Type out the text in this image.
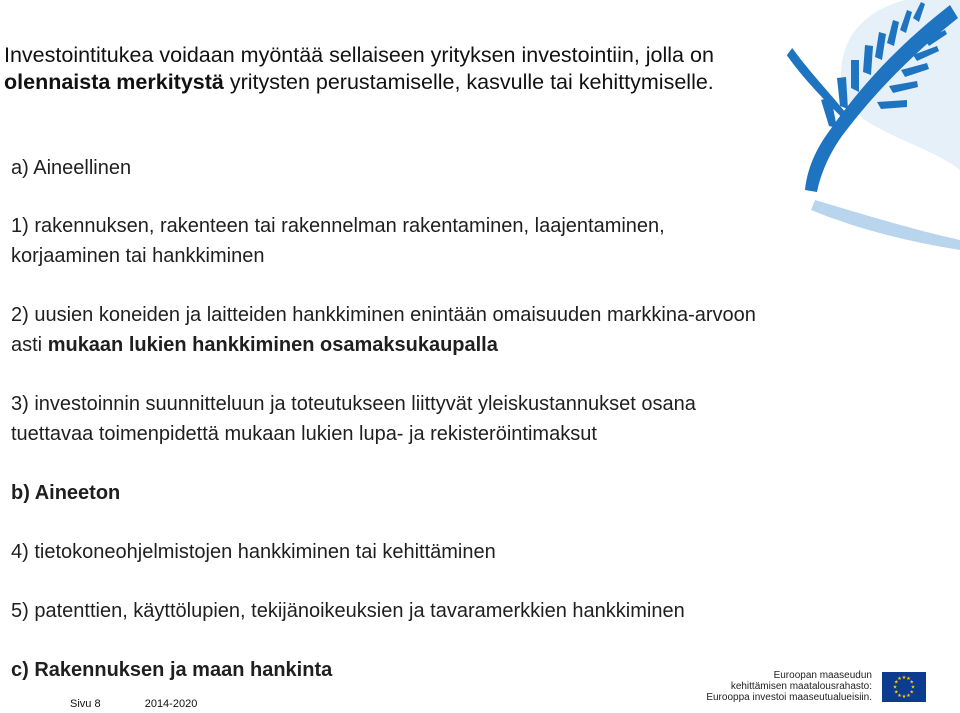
Investointitukea voidaan myöntää sellaiseen yrityksen investointiin, jolla on olennaista merkitystä yritysten perustamiselle, kasvulle tai kehittymiselle.
a) Aineellinen
1) rakennuksen, rakenteen tai rakennelman rakentaminen, laajentaminen,
korjaaminen tai hankkiminen
2) uusien koneiden ja laitteiden hankkiminen enintään omaisuuden markkina-arvoon
asti mukaan lukien hankkiminen osamaksukaupalla
3) investoinnin suunnitteluun ja toteutukseen liittyvät yleiskustannukset osana
tuettavaa toimenpidettä mukaan lukien lupa- ja rekisteröintimaksut
b) Aineeton
4) tietokoneohjelmistojen hankkiminen tai kehittäminen
5) patenttien, käyttölupien, tekijänoikeuksien ja tavaramerkkien hankkiminen
c) Rakennuksen ja maan hankinta
Sivu 8	2014-2020
Euroopan maaseudun
kehittämisen maatalousrahasto:
Eurooppa investoi maaseutualueisiin.
★ ★
★
★
★
★
★
★
★
★
★
★
